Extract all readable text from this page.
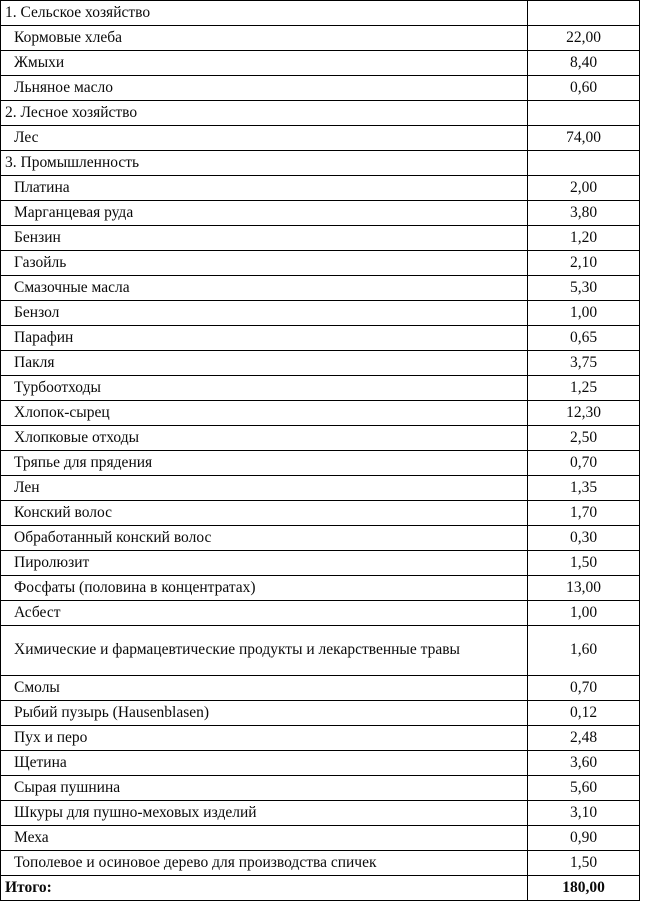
1. Сельское хозяйство	
Кормовые хлеба	22,00
Жмыхи	8,40
Льняное масло	0,60
2. Лесное хозяйство	
Лес	74,00
3. Промышленность	
Платина	2,00
Марганцевая руда	3,80
Бензин	1,20
Газойль	2,10
Смазочные масла	5,30
Бензол	1,00
Парафин	0,65
Пакля	3,75
Турбоотходы	1,25
Хлопок-сырец	12,30
Хлопковые отходы	2,50
Тряпье для прядения	0,70
Лен	1,35
Конский волос	1,70
Обработанный конский волос	0,30
Пиролюзит	1,50
Фосфаты (половина в концентратах)	13,00
Асбест	1,00
Химические и фармацевтические продукты и лекарственные травы	1,60
Смолы	0,70
Рыбий пузырь (Hausenblasen)	0,12
Пух и перо	2,48
Щетина	3,60
Сырая пушнина	5,60
Шкуры для пушно-меховых изделий	3,10
Меха	0,90
Тополевое и осиновое дерево для производства спичек	1,50
Итого:	180,00
